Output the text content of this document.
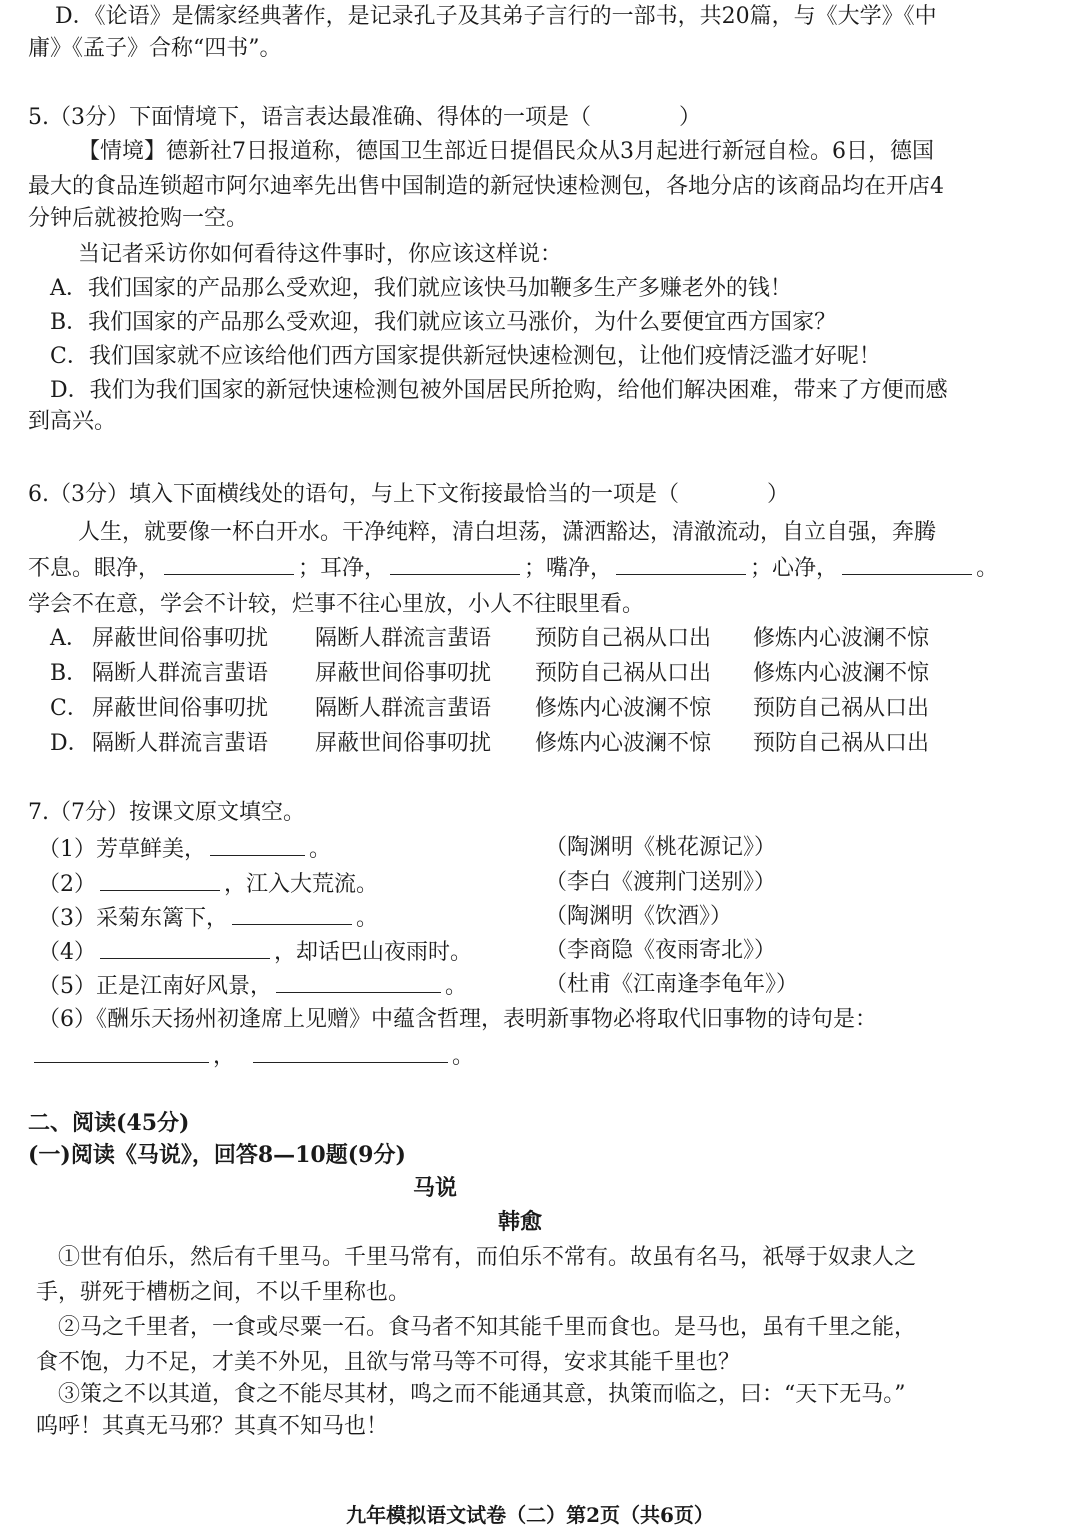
D．《论语》是儒家经典著作，是记录孔子及其弟子言行的一部书，共20篇，与《大学》《中
庸》《孟子》合称“四书”。
5.（3分）下面情境下，语言表达最准确、得体的一项是（　　　　）
【情境】德新社7日报道称，德国卫生部近日提倡民众从3月起进行新冠自检。6日，德国
最大的食品连锁超市阿尔迪率先出售中国制造的新冠快速检测包，各地分店的该商品均在开店4
分钟后就被抢购一空。
当记者采访你如何看待这件事时，你应该这样说：
A．我们国家的产品那么受欢迎，我们就应该快马加鞭多生产多赚老外的钱！
B．我们国家的产品那么受欢迎，我们就应该立马涨价，为什么要便宜西方国家？
C．我们国家就不应该给他们西方国家提供新冠快速检测包，让他们疫情泛滥才好呢！
D．我们为我们国家的新冠快速检测包被外国居民所抢购，给他们解决困难，带来了方便而感
到高兴。
6.（3分）填入下面横线处的语句，与上下文衔接最恰当的一项是（　　　　）
人生，就要像一杯白开水。干净纯粹，清白坦荡，潇洒豁达，清澈流动，自立自强，奔腾
不息。眼净，	；耳净，	；嘴净，	；心净，	。
学会不在意，学会不计较，烂事不往心里放，小人不往眼里看。
A． 屏蔽世间俗事叨扰 隔断人群流言蜚语 预防自己祸从口出 修炼内心波澜不惊
B． 隔断人群流言蜚语 屏蔽世间俗事叨扰 预防自己祸从口出 修炼内心波澜不惊
C． 屏蔽世间俗事叨扰 隔断人群流言蜚语 修炼内心波澜不惊 预防自己祸从口出
D． 隔断人群流言蜚语 屏蔽世间俗事叨扰 修炼内心波澜不惊 预防自己祸从口出
7.（7分）按课文原文填空。
（1）芳草鲜美，	。	（陶渊明《桃花源记》）
（2）	，江入大荒流。	（李白《渡荆门送别》）
（3）采菊东篱下，	。	（陶渊明《饮酒》）
（4）	，却话巴山夜雨时。	（李商隐《夜雨寄北》）
（5）正是江南好风景，	。	（杜甫《江南逢李龟年》）
（6）《酬乐天扬州初逢席上见赠》中蕴含哲理，表明新事物必将取代旧事物的诗句是：
，	。
二、阅读(45分)
(一)阅读《马说》，回答8—10题(9分)
马说
韩愈
①世有伯乐，然后有千里马。千里马常有，而伯乐不常有。故虽有名马，祇辱于奴隶人之
手，骈死于槽枥之间，不以千里称也。
②马之千里者，一食或尽粟一石。食马者不知其能千里而食也。是马也，虽有千里之能，
食不饱，力不足，才美不外见，且欲与常马等不可得，安求其能千里也？
③策之不以其道，食之不能尽其材，鸣之而不能通其意，执策而临之，曰：“天下无马。”
呜呼！其真无马邪？其真不知马也！
九年模拟语文试卷（二）第2页（共6页）
